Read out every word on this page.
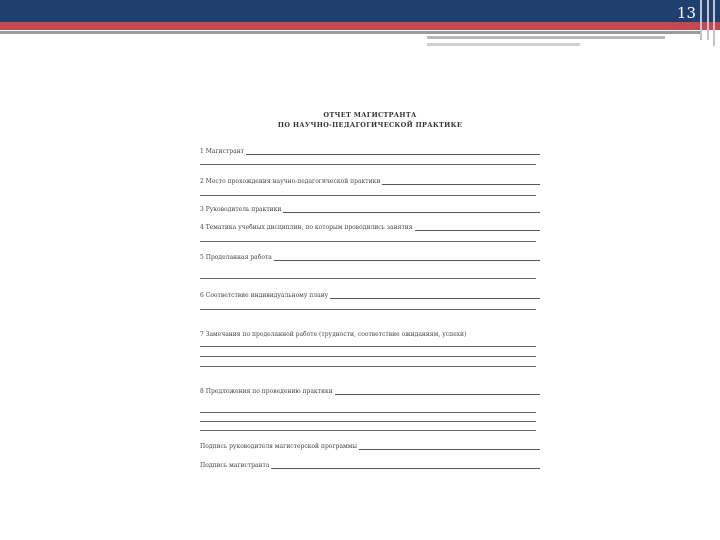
13
ОТЧЕТ МАГИСТРАНТА
ПО НАУЧНО-ПЕДАГОГИЧЕСКОЙ ПРАКТИКЕ
1 Магистрант
2 Место прохождения научно-педагогической практики
3 Руководитель практики
4 Тематика учебных дисциплин, по которым проводились занятия
5 Проделанная работа
6 Соответствие индивидуальному плану
7 Замечания по проделанной работе (трудности, соответствие ожиданиям, успехи)
8 Предложения по проведению практики
Подпись руководителя магистерской программы
Подпись магистранта
